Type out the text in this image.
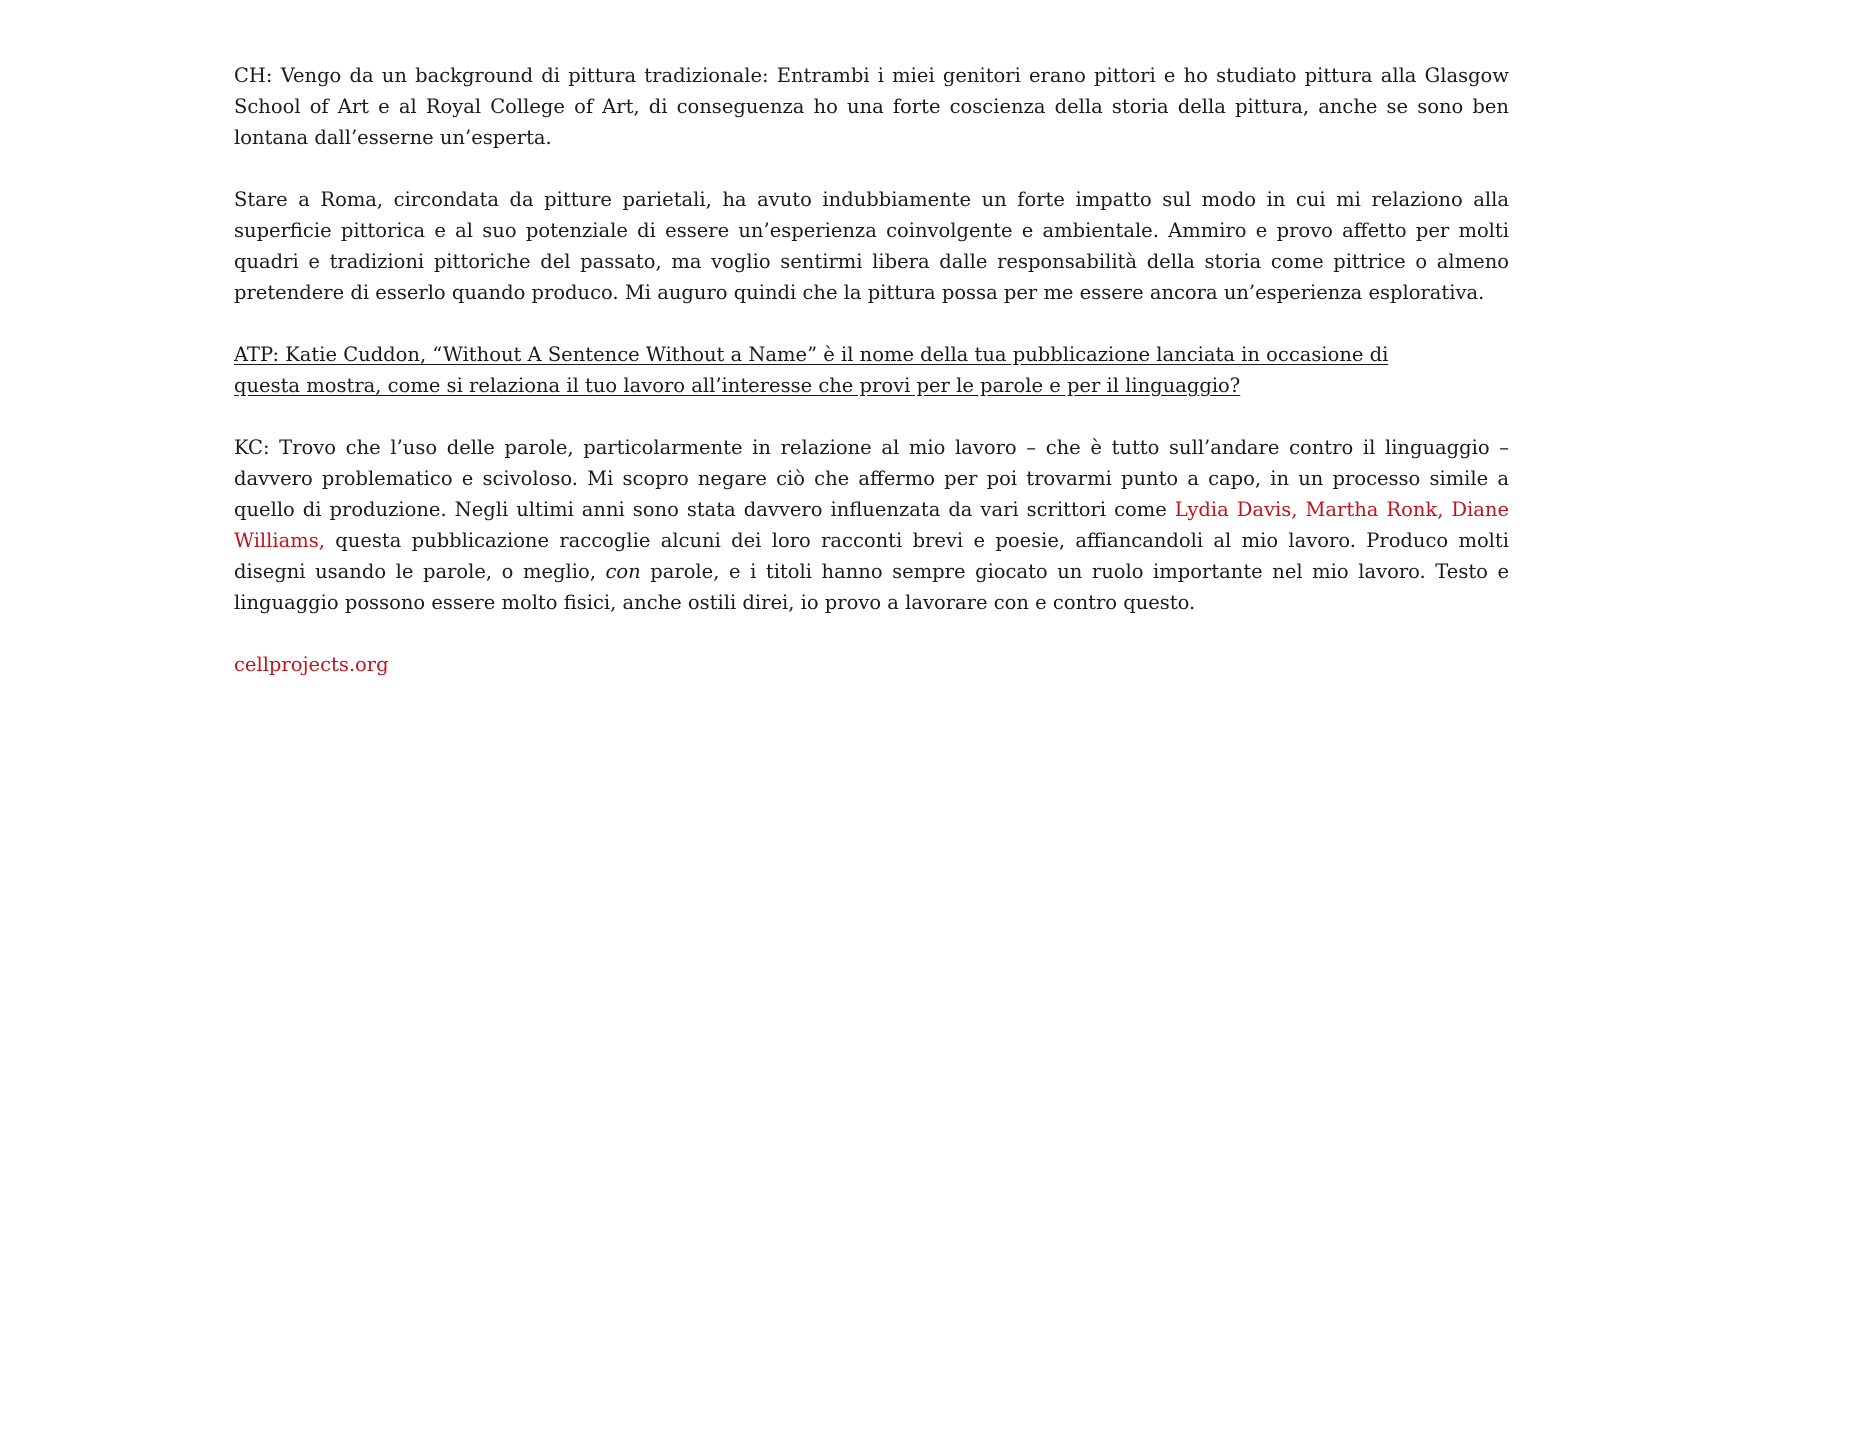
CH: Vengo da un background di pittura tradizionale: Entrambi i miei genitori erano pittori e ho studiato pittura alla Glasgow School of Art e al Royal College of Art, di conseguenza ho una forte coscienza della storia della pittura, anche se sono ben lontana dall’esserne un’esperta.

Stare a Roma, circondata da pitture parietali, ha avuto indubbiamente un forte impatto sul modo in cui mi relaziono alla superficie pittorica e al suo potenziale di essere un’esperienza coinvolgente e ambientale. Ammiro e provo affetto per molti quadri e tradizioni pittoriche del passato, ma voglio sentirmi libera dalle responsabilità della storia come pittrice o almeno pretendere di esserlo quando produco. Mi auguro quindi che la pittura possa per me essere ancora un’esperienza esplorativa.

ATP: Katie Cuddon, “Without A Sentence Without a Name” è il nome della tua pubblicazione lanciata in occasione di questa mostra, come si relaziona il tuo lavoro all’interesse che provi per le parole e per il linguaggio?

KC: Trovo che l’uso delle parole, particolarmente in relazione al mio lavoro – che è tutto sull’andare contro il linguaggio – davvero problematico e scivoloso. Mi scopro negare ciò che affermo per poi trovarmi punto a capo, in un processo simile a quello di produzione. Negli ultimi anni sono stata davvero influenzata da vari scrittori come Lydia Davis, Martha Ronk, Diane Williams, questa pubblicazione raccoglie alcuni dei loro racconti brevi e poesie, affiancandoli al mio lavoro. Produco molti disegni usando le parole, o meglio, con parole, e i titoli hanno sempre giocato un ruolo importante nel mio lavoro. Testo e linguaggio possono essere molto fisici, anche ostili direi, io provo a lavorare con e contro questo.

cellprojects.org
